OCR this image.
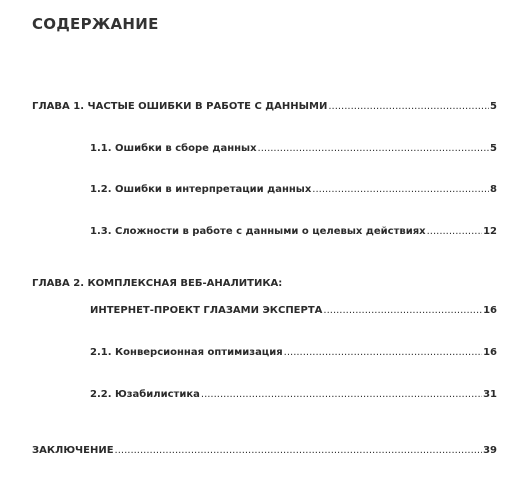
СОДЕРЖАНИЕ
ГЛАВА 1. ЧАСТЫЕ ОШИБКИ В РАБОТЕ С ДАННЫМИ .....	5
1.1. Ошибки в сборе данных .....	5
1.2. Ошибки в интерпретации данных .....	8
1.3. Сложности в работе с данными о целевых действиях .....	12
ГЛАВА 2. КОМПЛЕКСНАЯ ВЕБ-АНАЛИТИКА:
ИНТЕРНЕТ-ПРОЕКТ ГЛАЗАМИ ЭКСПЕРТА .....	16
2.1. Конверсионная оптимизация .....	16
2.2. Юзабилистика .....	31
ЗАКЛЮЧЕНИЕ .....	39
